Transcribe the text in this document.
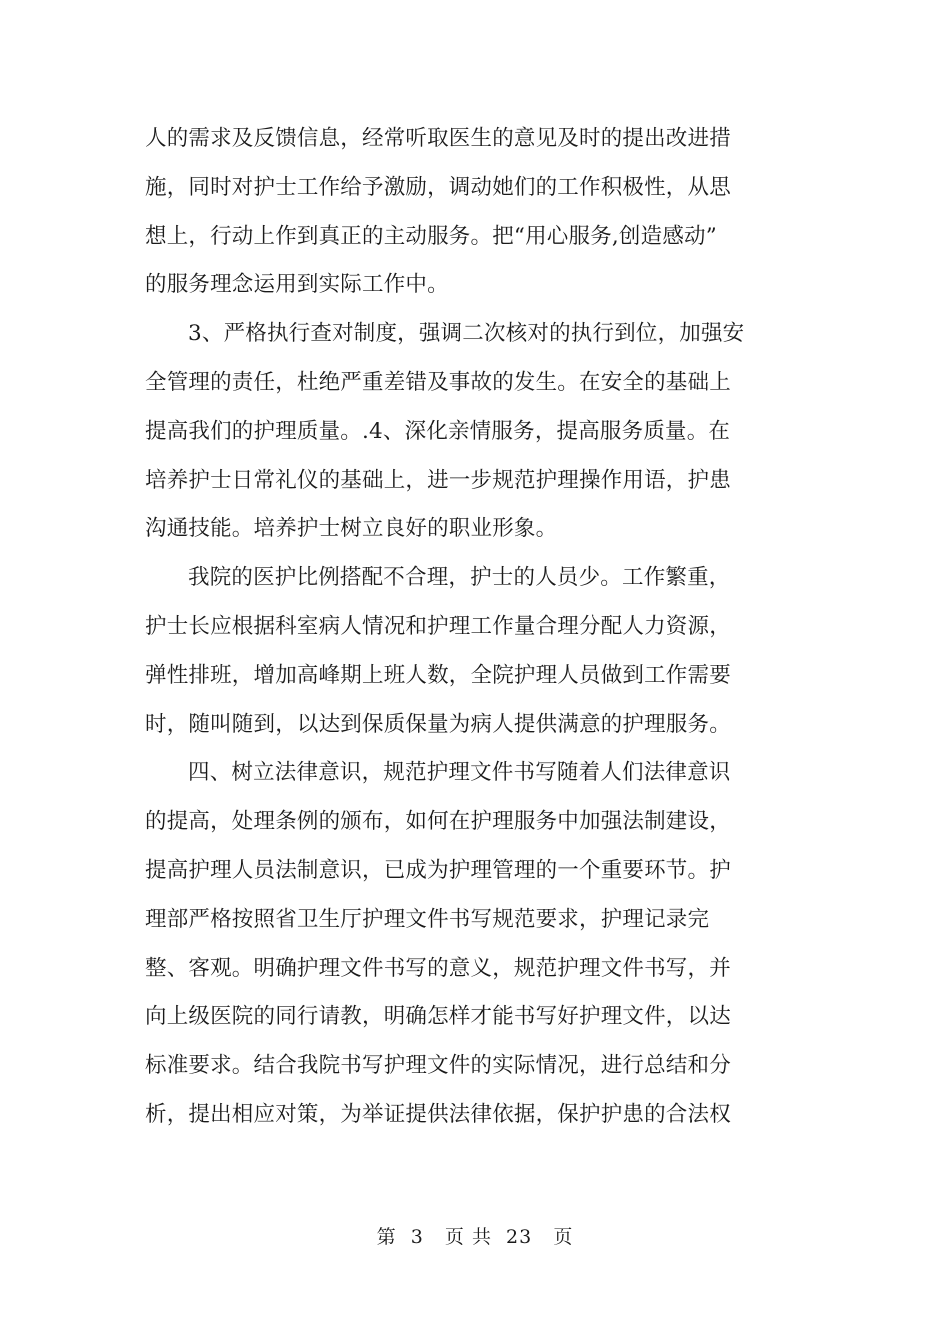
人的需求及反馈信息，经常听取医生的意见及时的提出改进措
施，同时对护士工作给予激励，调动她们的工作积极性，从思
想上，行动上作到真正的主动服务。把“用心服务,创造感动”
的服务理念运用到实际工作中。
3、严格执行查对制度，强调二次核对的执行到位，加强安
全管理的责任，杜绝严重差错及事故的发生。在安全的基础上
提高我们的护理质量。.4、深化亲情服务，提高服务质量。在
培养护士日常礼仪的基础上，进一步规范护理操作用语，护患
沟通技能。培养护士树立良好的职业形象。
我院的医护比例搭配不合理，护士的人员少。工作繁重，
护士长应根据科室病人情况和护理工作量合理分配人力资源，
弹性排班，增加高峰期上班人数，全院护理人员做到工作需要
时，随叫随到，以达到保质保量为病人提供满意的护理服务。
四、树立法律意识，规范护理文件书写随着人们法律意识
的提高，处理条例的颁布，如何在护理服务中加强法制建设，
提高护理人员法制意识，已成为护理管理的一个重要环节。护
理部严格按照省卫生厅护理文件书写规范要求，护理记录完
整、客观。明确护理文件书写的意义，规范护理文件书写，并
向上级医院的同行请教，明确怎样才能书写好护理文件，以达
标准要求。结合我院书写护理文件的实际情况，进行总结和分
析，提出相应对策，为举证提供法律依据，保护护患的合法权
第  3   页 共  23   页
